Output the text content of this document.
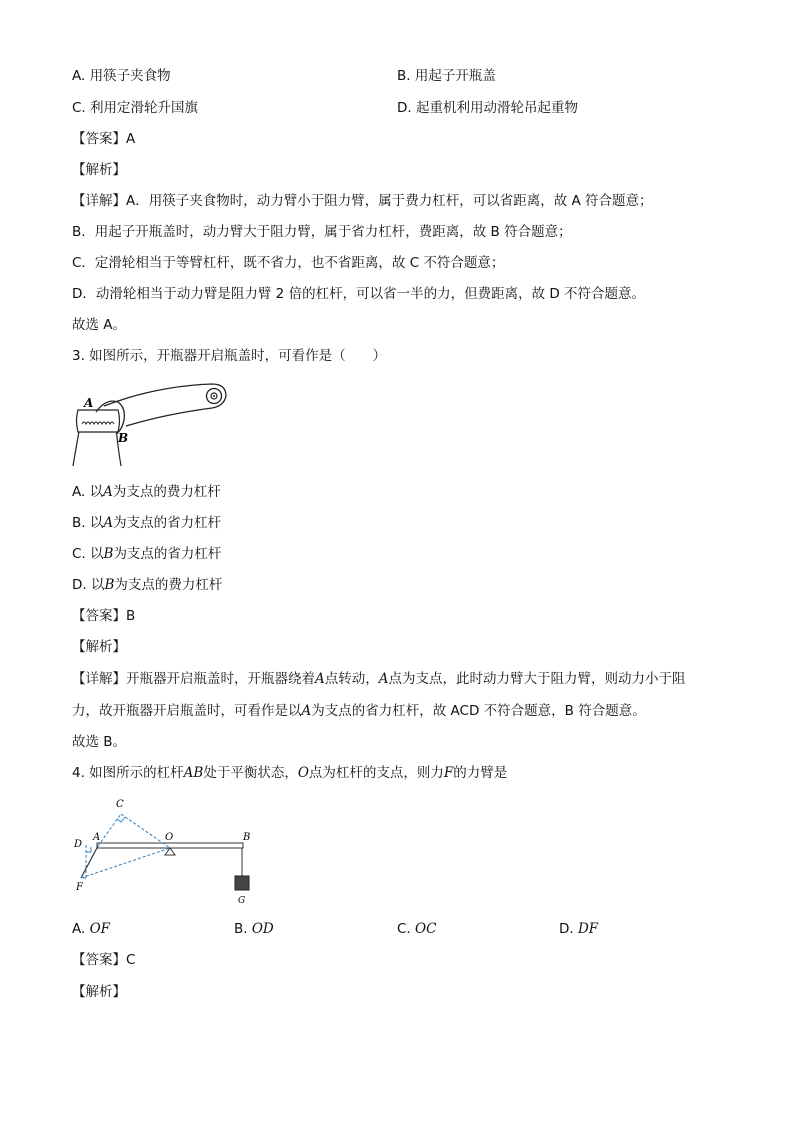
A. 用筷子夹食物	B. 用起子开瓶盖
C. 利用定滑轮升国旗	D. 起重机利用动滑轮吊起重物
【答案】A
【解析】
【详解】A．用筷子夹食物时，动力臂小于阻力臂，属于费力杠杆，可以省距离，故 A 符合题意；
B．用起子开瓶盖时，动力臂大于阻力臂，属于省力杠杆，费距离，故 B 符合题意；
C．定滑轮相当于等臂杠杆，既不省力，也不省距离，故 C 不符合题意；
D．动滑轮相当于动力臂是阻力臂 2 倍的杠杆，可以省一半的力，但费距离，故 D 不符合题意。
故选 A。
3. 如图所示，开瓶器开启瓶盖时，可看作是（　　）
A
B
A. 以A为支点的费力杠杆
B. 以A为支点的省力杠杆
C. 以B为支点的省力杠杆
D. 以B为支点的费力杠杆
【答案】B
【解析】
【详解】开瓶器开启瓶盖时，开瓶器绕着A点转动，A点为支点，此时动力臂大于阻力臂，则动力小于阻
力，故开瓶器开启瓶盖时，可看作是以A为支点的省力杠杆，故 ACD 不符合题意，B 符合题意。
故选 B。
4. 如图所示的杠杆AB处于平衡状态，O点为杠杆的支点，则力F的力臂是
C
D
A	O	B
F
G
A. OF	B. OD	C. OC	D. DF
【答案】C
【解析】
